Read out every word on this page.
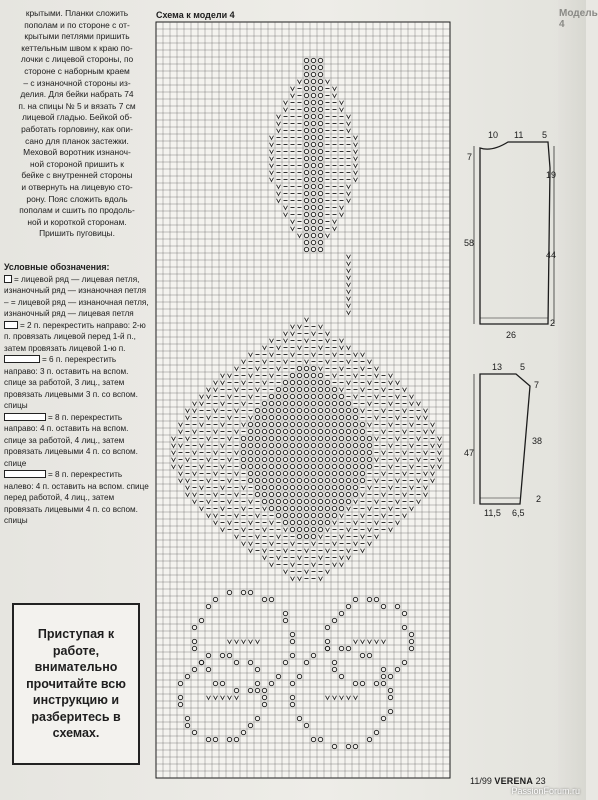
крытыми. Планки сложить

пополам и по стороне с от-

крытыми петлями пришить

кеттельным швом к краю по-

лочки с лицевой стороны, по

стороне с наборным краем

– с изнаночной стороны из-

делия. Для бейки набрать 74

п. на спицы № 5 и вязать 7 см

лицевой гладью. Бейкой об-

работать горловину, как опи-

сано для планок застежки.

Меховой воротник изнаноч-

ной стороной пришить к

бейке с внутренней стороны

и отвернуть на лицевую сто-

рону. Пояс сложить вдоль

пополам и сшить по продоль-

ной и короткой сторонам.

Пришить пуговицы.

Условные обозначения:

= лицевой ряд — лицевая петля, изнаночный ряд — изнаночная петля

– = лицевой ряд — изнаночная петля, изнаночный ряд — лицевая петля

= 2 п. перекрестить направо: 2-ю п. провязать лицевой перед 1-й п., затем провязать лицевой 1-ю п.

= 6 п. перекрестить направо: 3 п. оставить на вспом. спице за работой, 3 лиц., затем провязать лицевыми 3 п. со вспом. спицы

= 8 п. перекрестить направо: 4 п. оставить на вспом. спице за работой, 4 лиц., затем провязать лицевыми 4 п. со вспом. спице

= 8 п. перекрестить налево: 4 п. оставить на вспом. спице перед работой, 4 лиц., затем провязать лицевыми 4 п. со вспом. спицы

Приступая к работе, внимательно прочитайте всю инструкцию и разберитесь в схемах.
Схема к модели 4
10 11 5
7
19
58
44
26
2
13 5
7
47
38
2
11,5 6,5
Модель 4
11/99 VERENA 23
PassionForum.ru
